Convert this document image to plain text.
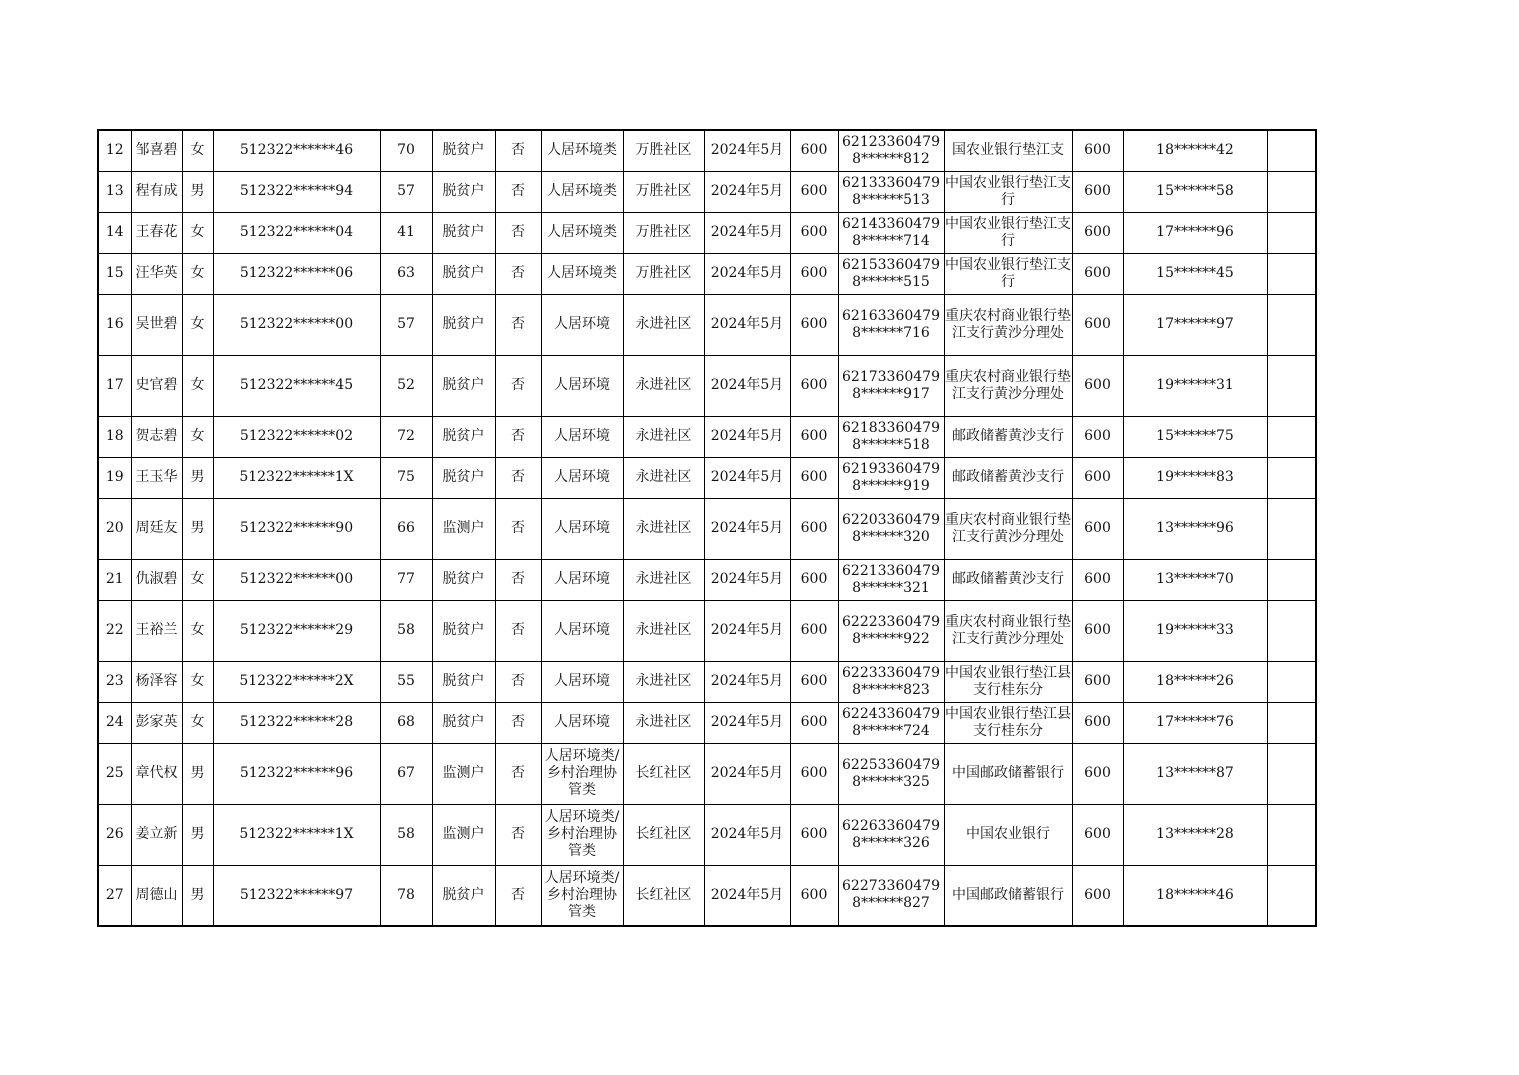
12	邹喜碧	女	512322******46	70	脱贫户	否	人居环境类	万胜社区	2024年5月	600	621233604798******812	国农业银行垫江支	600	18******42	
13	程有成	男	512322******94	57	脱贫户	否	人居环境类	万胜社区	2024年5月	600	621333604798******513	中国农业银行垫江支行	600	15******58	
14	王春花	女	512322******04	41	脱贫户	否	人居环境类	万胜社区	2024年5月	600	621433604798******714	中国农业银行垫江支行	600	17******96	
15	汪华英	女	512322******06	63	脱贫户	否	人居环境类	万胜社区	2024年5月	600	621533604798******515	中国农业银行垫江支行	600	15******45	
16	吴世碧	女	512322******00	57	脱贫户	否	人居环境	永进社区	2024年5月	600	621633604798******716	重庆农村商业银行垫江支行黄沙分理处	600	17******97	
17	史官碧	女	512322******45	52	脱贫户	否	人居环境	永进社区	2024年5月	600	621733604798******917	重庆农村商业银行垫江支行黄沙分理处	600	19******31	
18	贺志碧	女	512322******02	72	脱贫户	否	人居环境	永进社区	2024年5月	600	621833604798******518	邮政储蓄黄沙支行	600	15******75	
19	王玉华	男	512322******1X	75	脱贫户	否	人居环境	永进社区	2024年5月	600	621933604798******919	邮政储蓄黄沙支行	600	19******83	
20	周廷友	男	512322******90	66	监测户	否	人居环境	永进社区	2024年5月	600	622033604798******320	重庆农村商业银行垫江支行黄沙分理处	600	13******96	
21	仇淑碧	女	512322******00	77	脱贫户	否	人居环境	永进社区	2024年5月	600	622133604798******321	邮政储蓄黄沙支行	600	13******70	
22	王裕兰	女	512322******29	58	脱贫户	否	人居环境	永进社区	2024年5月	600	622233604798******922	重庆农村商业银行垫江支行黄沙分理处	600	19******33	
23	杨泽容	女	512322******2X	55	脱贫户	否	人居环境	永进社区	2024年5月	600	622333604798******823	中国农业银行垫江县支行桂东分	600	18******26	
24	彭家英	女	512322******28	68	脱贫户	否	人居环境	永进社区	2024年5月	600	622433604798******724	中国农业银行垫江县支行桂东分	600	17******76	
25	章代权	男	512322******96	67	监测户	否	人居环境类/乡村治理协管类	长红社区	2024年5月	600	622533604798******325	中国邮政储蓄银行	600	13******87	
26	姜立新	男	512322******1X	58	监测户	否	人居环境类/乡村治理协管类	长红社区	2024年5月	600	622633604798******326	中国农业银行	600	13******28	
27	周德山	男	512322******97	78	脱贫户	否	人居环境类/乡村治理协管类	长红社区	2024年5月	600	622733604798******827	中国邮政储蓄银行	600	18******46	
